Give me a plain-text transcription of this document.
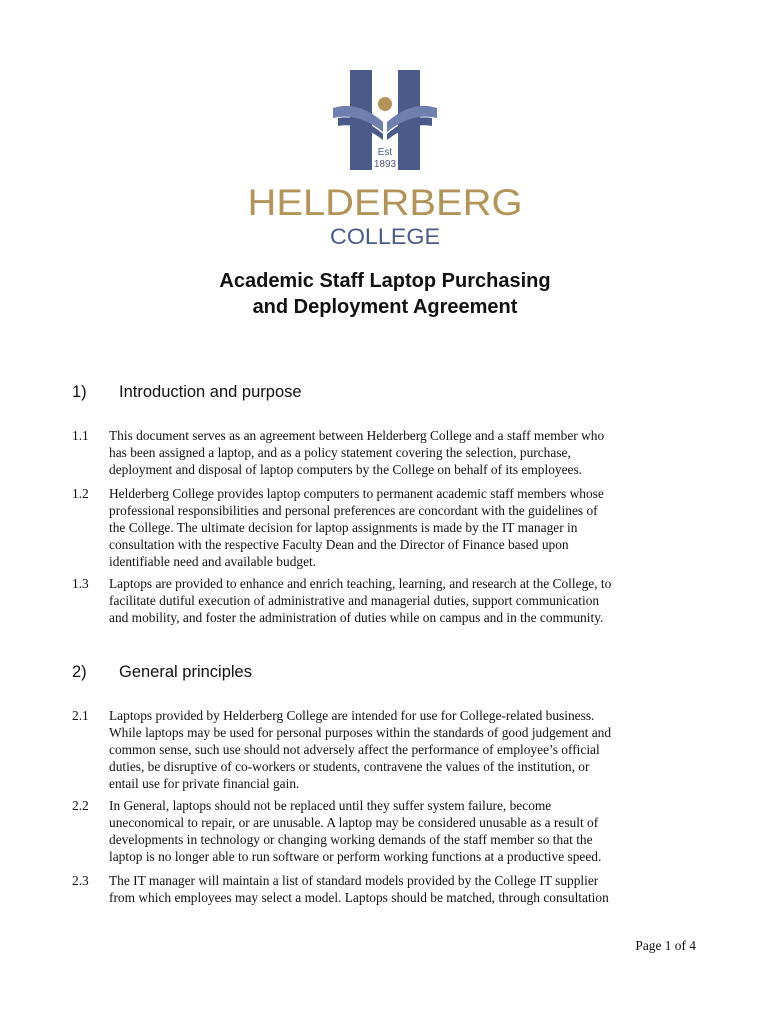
Est
1893
HELDERBERG
COLLEGE
Academic Staff Laptop Purchasing
and Deployment Agreement
1) Introduction and purpose
1.1 This document serves as an agreement between Helderberg College and a staff member who
has been assigned a laptop, and as a policy statement covering the selection, purchase,
deployment and disposal of laptop computers by the College on behalf of its employees.
1.2 Helderberg College provides laptop computers to permanent academic staff members whose
professional responsibilities and personal preferences are concordant with the guidelines of
the College. The ultimate decision for laptop assignments is made by the IT manager in
consultation with the respective Faculty Dean and the Director of Finance based upon
identifiable need and available budget.
1.3 Laptops are provided to enhance and enrich teaching, learning, and research at the College, to
facilitate dutiful execution of administrative and managerial duties, support communication
and mobility, and foster the administration of duties while on campus and in the community.
2) General principles
2.1 Laptops provided by Helderberg College are intended for use for College-related business.
While laptops may be used for personal purposes within the standards of good judgement and
common sense, such use should not adversely affect the performance of employee’s official
duties, be disruptive of co-workers or students, contravene the values of the institution, or
entail use for private financial gain.
2.2 In General, laptops should not be replaced until they suffer system failure, become
uneconomical to repair, or are unusable. A laptop may be considered unusable as a result of
developments in technology or changing working demands of the staff member so that the
laptop is no longer able to run software or perform working functions at a productive speed.
2.3 The IT manager will maintain a list of standard models provided by the College IT supplier
from which employees may select a model. Laptops should be matched, through consultation
Page 1 of 4
